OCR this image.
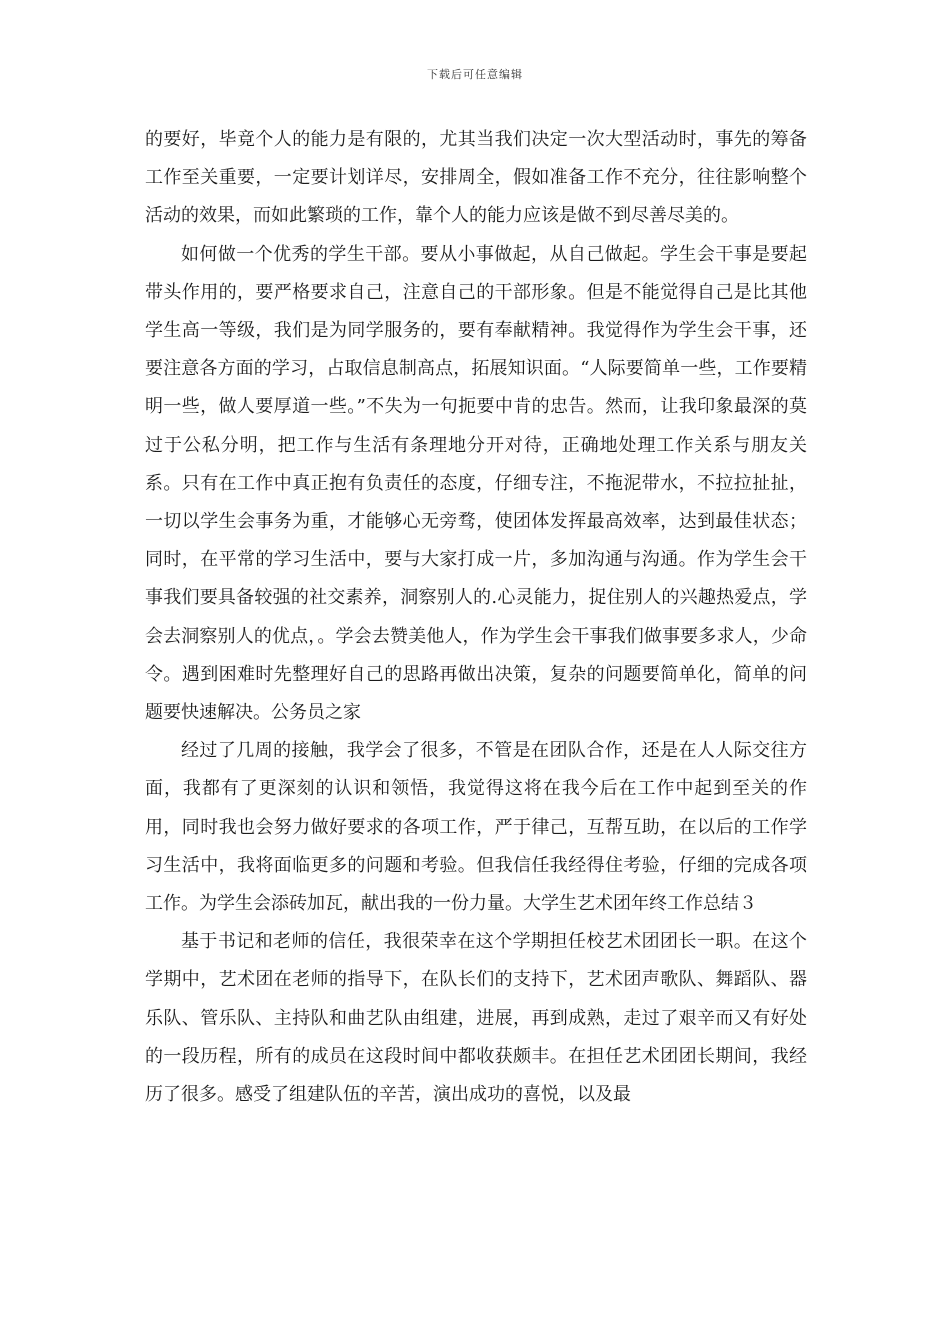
下载后可任意编辑

的要好，毕竟个人的能力是有限的，尤其当我们决定一次大型活动时，事先的筹备工作至关重要，一定要计划详尽，安排周全，假如准备工作不充分，往往影响整个活动的效果，而如此繁琐的工作，靠个人的能力应该是做不到尽善尽美的。

如何做一个优秀的学生干部。要从小事做起，从自己做起。学生会干事是要起带头作用的，要严格要求自己，注意自己的干部形象。但是不能觉得自己是比其他学生高一等级，我们是为同学服务的，要有奉献精神。我觉得作为学生会干事，还要注意各方面的学习，占取信息制高点，拓展知识面。“人际要简单一些，工作要精明一些，做人要厚道一些。”不失为一句扼要中肯的忠告。然而，让我印象最深的莫过于公私分明，把工作与生活有条理地分开对待，正确地处理工作关系与朋友关系。只有在工作中真正抱有负责任的态度，仔细专注，不拖泥带水，不拉拉扯扯，一切以学生会事务为重，才能够心无旁骛，使团体发挥最高效率，达到最佳状态；同时，在平常的学习生活中，要与大家打成一片，多加沟通与沟通。作为学生会干事我们要具备较强的社交素养，洞察别人的.心灵能力，捉住别人的兴趣热爱点，学会去洞察别人的优点，。学会去赞美他人，作为学生会干事我们做事要多求人，少命令。遇到困难时先整理好自己的思路再做出决策，复杂的问题要简单化，简单的问题要快速解决。公务员之家

经过了几周的接触，我学会了很多，不管是在团队合作，还是在人人际交往方面，我都有了更深刻的认识和领悟，我觉得这将在我今后在工作中起到至关的作用，同时我也会努力做好要求的各项工作，严于律己，互帮互助，在以后的工作学习生活中，我将面临更多的问题和考验。但我信任我经得住考验，仔细的完成各项工作。为学生会添砖加瓦，献出我的一份力量。大学生艺术团年终工作总结３

基于书记和老师的信任，我很荣幸在这个学期担任校艺术团团长一职。在这个学期中，艺术团在老师的指导下，在队长们的支持下，艺术团声歌队、舞蹈队、器乐队、管乐队、主持队和曲艺队由组建，进展，再到成熟，走过了艰辛而又有好处的一段历程，所有的成员在这段时间中都收获颇丰。在担任艺术团团长期间，我经历了很多。感受了组建队伍的辛苦，演出成功的喜悦，以及最
